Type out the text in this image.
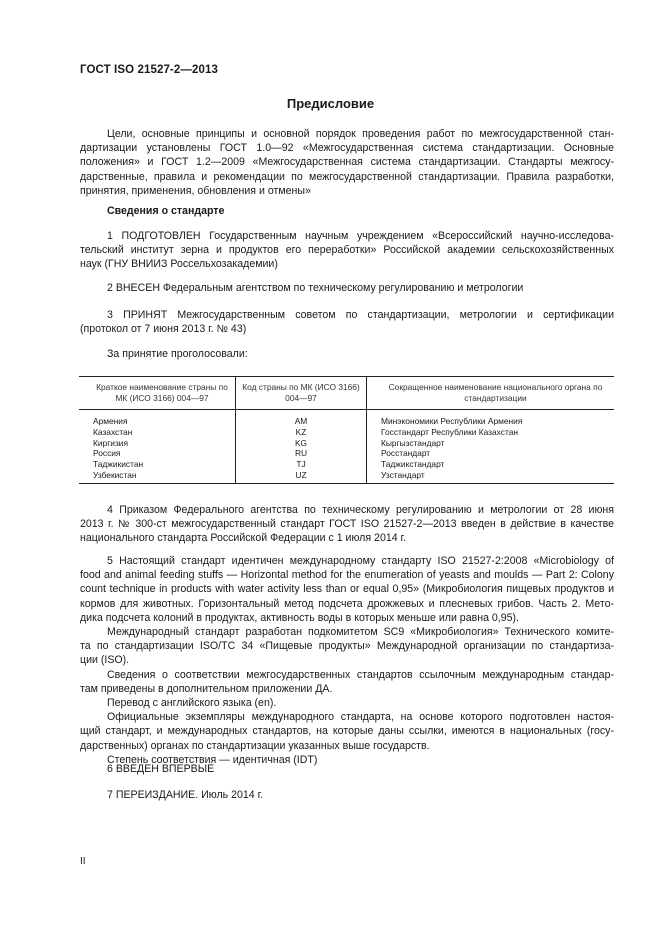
ГОСТ ISO 21527-2—2013
Предисловие
Цели, основные принципы и основной порядок проведения работ по межгосударственной стан-
дартизации установлены ГОСТ 1.0—92 «Межгосударственная система стандартизации. Основные
положения» и ГОСТ 1.2—2009 «Межгосударственная система стандартизации. Стандарты межгосу-
дарственные, правила и рекомендации по межгосударственной стандартизации. Правила разработки,
принятия, применения, обновления и отмены»
Сведения о стандарте
1 ПОДГОТОВЛЕН Государственным научным учреждением «Всероссийский научно-исследова-
тельский институт зерна и продуктов его переработки» Российской академии сельскохозяйственных
наук (ГНУ ВНИИЗ Россельхозакадемии)
2 ВНЕСЕН Федеральным агентством по техническому регулированию и метрологии
3 ПРИНЯТ Межгосударственным советом по стандартизации, метрологии и сертификации
(протокол от 7 июня 2013 г. № 43)
За принятие проголосовали:
Краткое наименование страны по МК (ИСО 3166) 004—97	Код страны по МК (ИСО 3166) 004—97	Сокращенное наименование национального органа по стандартизации
Армения	AM	Минэкономики Республики Армения
Казахстан	KZ	Госстандарт Республики Казахстан
Киргизия	KG	Кыргызстандарт
Россия	RU	Росстандарт
Таджикистан	TJ	Таджикстандарт
Узбекистан	UZ	Узстандарт
4 Приказом Федерального агентства по техническому регулированию и метрологии от 28 июня
2013 г. № 300-ст межгосударственный стандарт ГОСТ ISO 21527-2—2013 введен в действие в качестве
национального стандарта Российской Федерации с 1 июля 2014 г.
5 Настоящий стандарт идентичен международному стандарту ISO 21527-2:2008 «Microbiology of
food and animal feeding stuffs — Horizontal method for the enumeration of yeasts and moulds — Part 2: Colony
count technique in products with water activity less than or equal 0,95» (Микробиология пищевых продуктов и
кормов для животных. Горизонтальный метод подсчета дрожжевых и плесневых грибов. Часть 2. Мето-
дика подсчета колоний в продуктах, активность воды в которых меньше или равна 0,95).
Международный стандарт разработан подкомитетом SC9 «Микробиология» Технического комите-
та по стандартизации ISO/TC 34 «Пищевые продукты» Международной организации по стандартиза-
ции (ISO).
Сведения о соответствии межгосударственных стандартов ссылочным международным стандар-
там приведены в дополнительном приложении ДА.
Перевод с английского языка (en).
Официальные экземпляры международного стандарта, на основе которого подготовлен настоя-
щий стандарт, и международных стандартов, на которые даны ссылки, имеются в национальных (госу-
дарственных) органах по стандартизации указанных выше государств.
Степень соответствия — идентичная (IDT)
6 ВВЕДЕН ВПЕРВЫЕ
7 ПЕРЕИЗДАНИЕ. Июль 2014 г.
II
